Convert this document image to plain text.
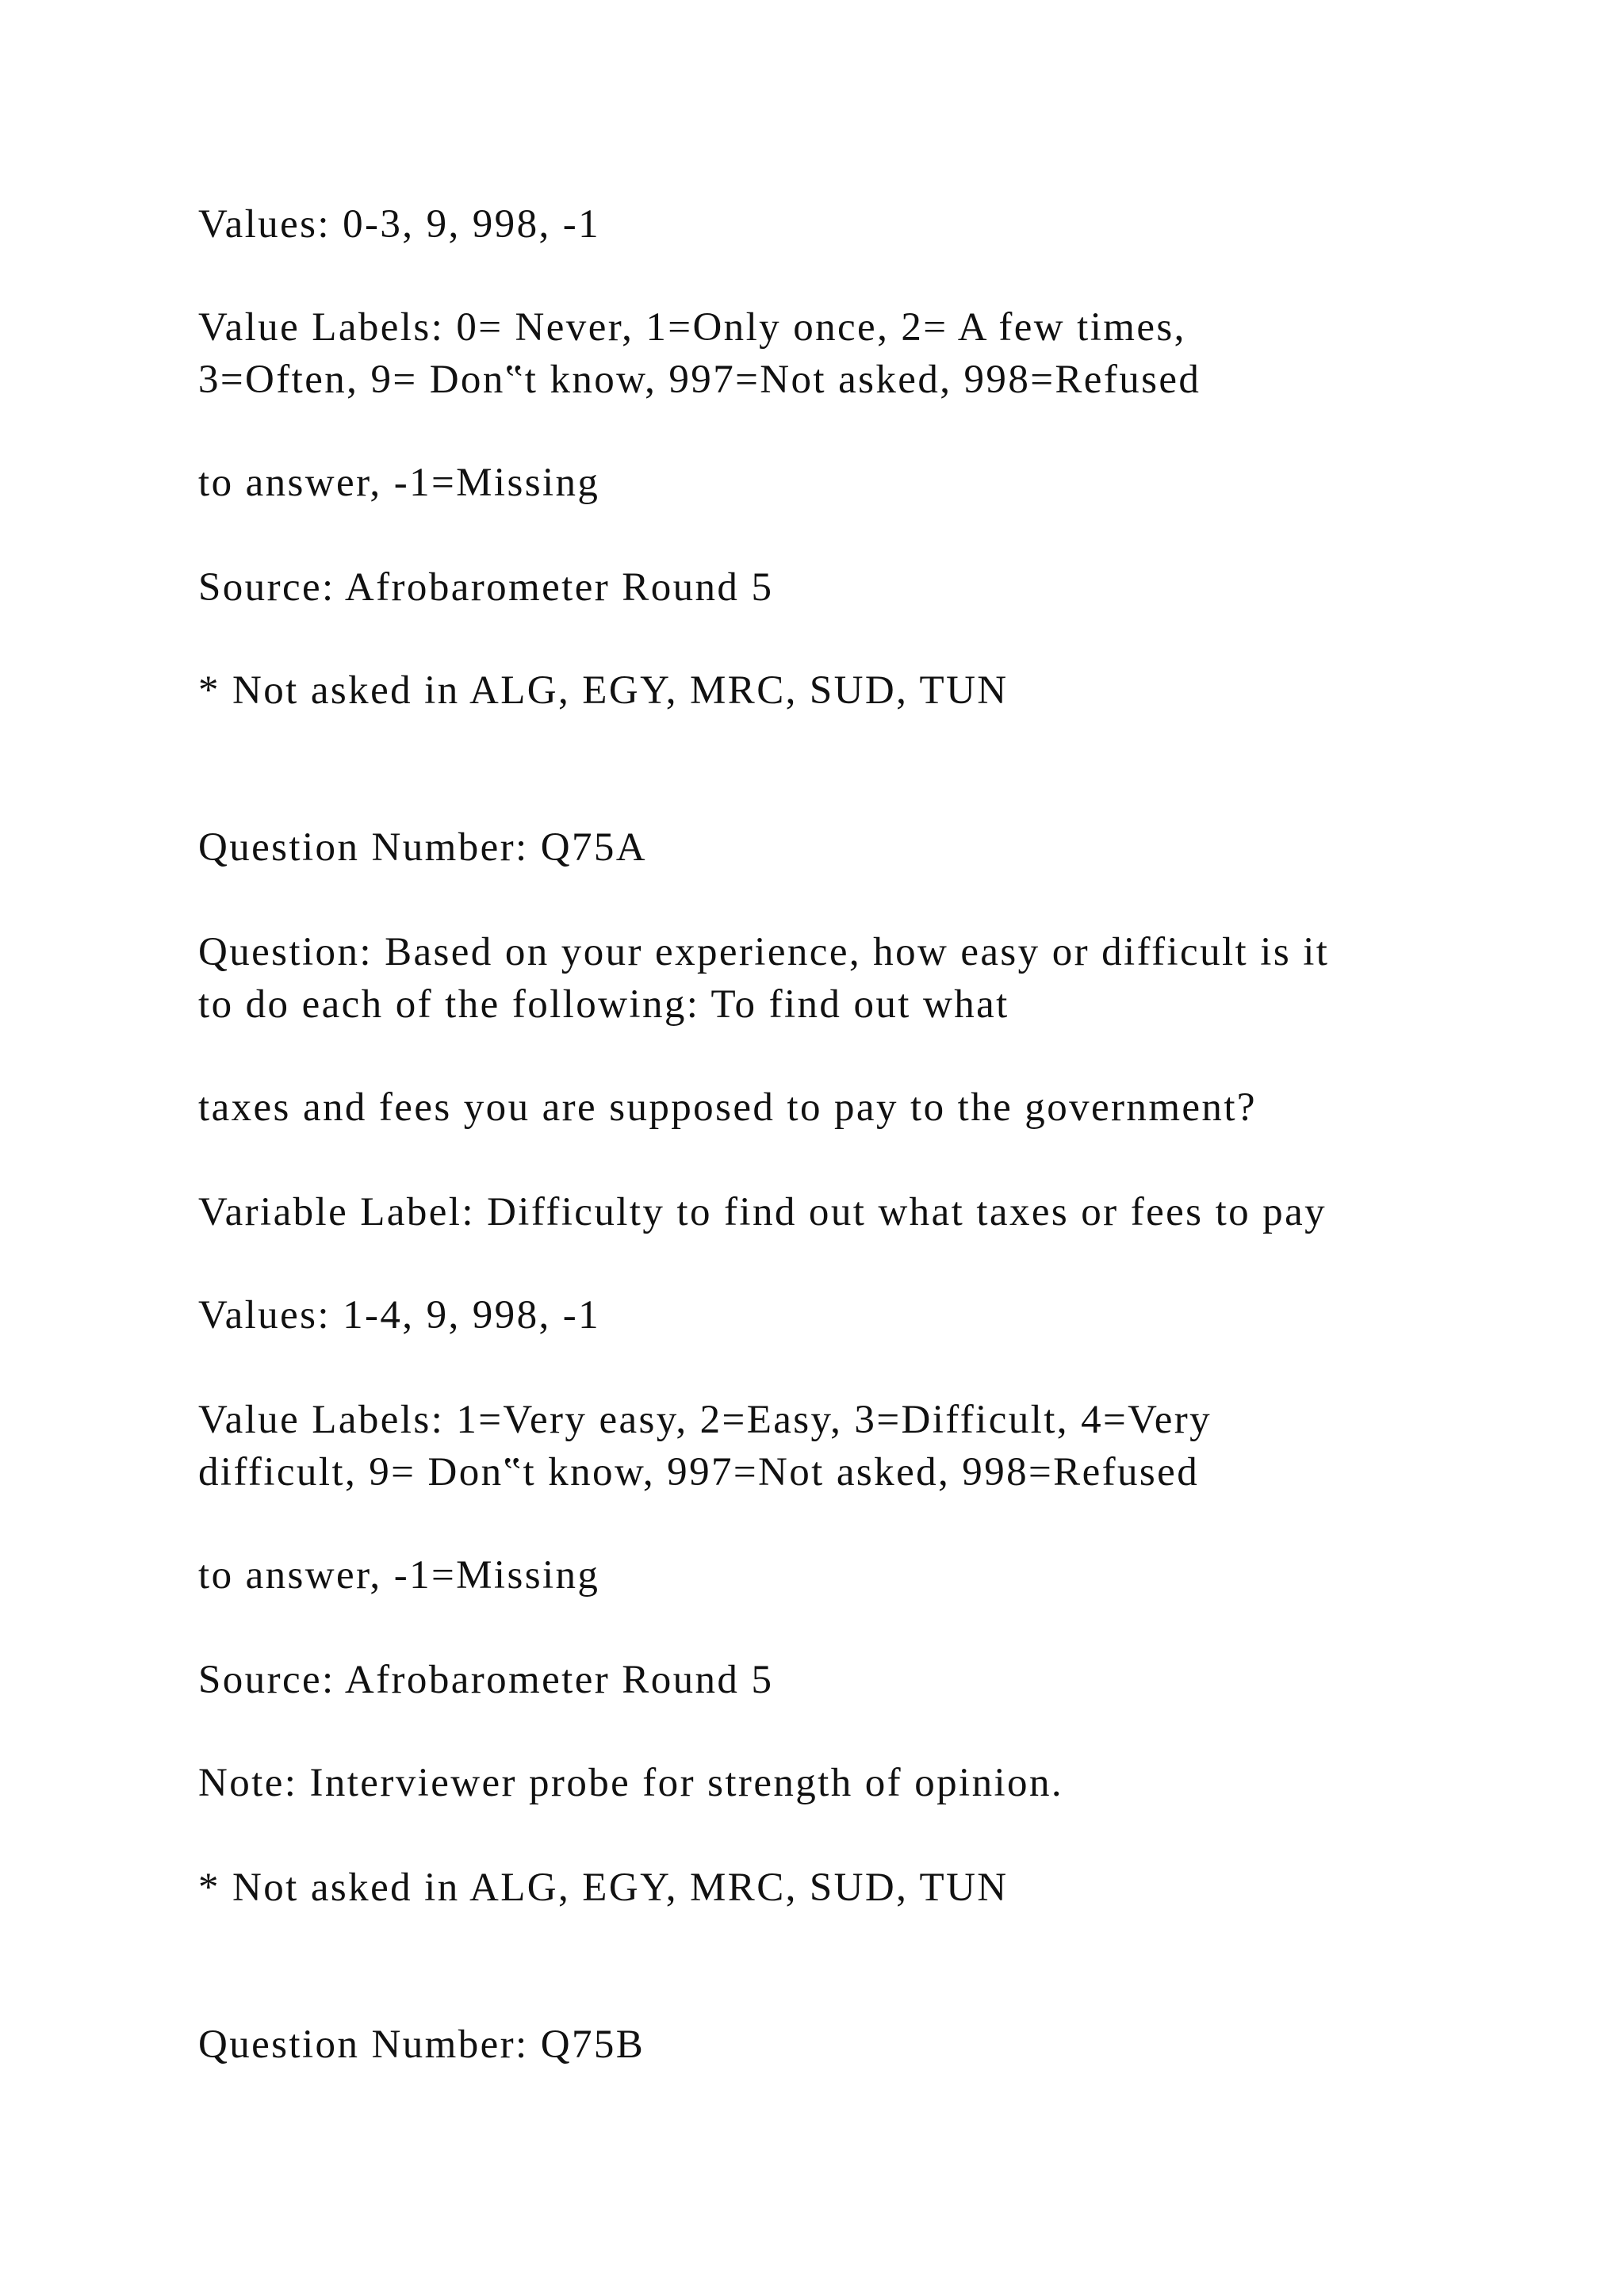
Values: 0-3, 9, 998, -1

Value Labels: 0= Never, 1=Only once, 2= A few times,

3=Often, 9= Don‟t know, 997=Not asked, 998=Refused

to answer, -1=Missing

Source: Afrobarometer Round 5

* Not asked in ALG, EGY, MRC, SUD, TUN

Question Number: Q75A

Question: Based on your experience, how easy or difficult is it

to do each of the following: To find out what

taxes and fees you are supposed to pay to the government?

Variable Label: Difficulty to find out what taxes or fees to pay

Values: 1-4, 9, 998, -1

Value Labels: 1=Very easy, 2=Easy, 3=Difficult, 4=Very

difficult, 9= Don‟t know, 997=Not asked, 998=Refused

to answer, -1=Missing

Source: Afrobarometer Round 5

Note: Interviewer probe for strength of opinion.

* Not asked in ALG, EGY, MRC, SUD, TUN

Question Number: Q75B
